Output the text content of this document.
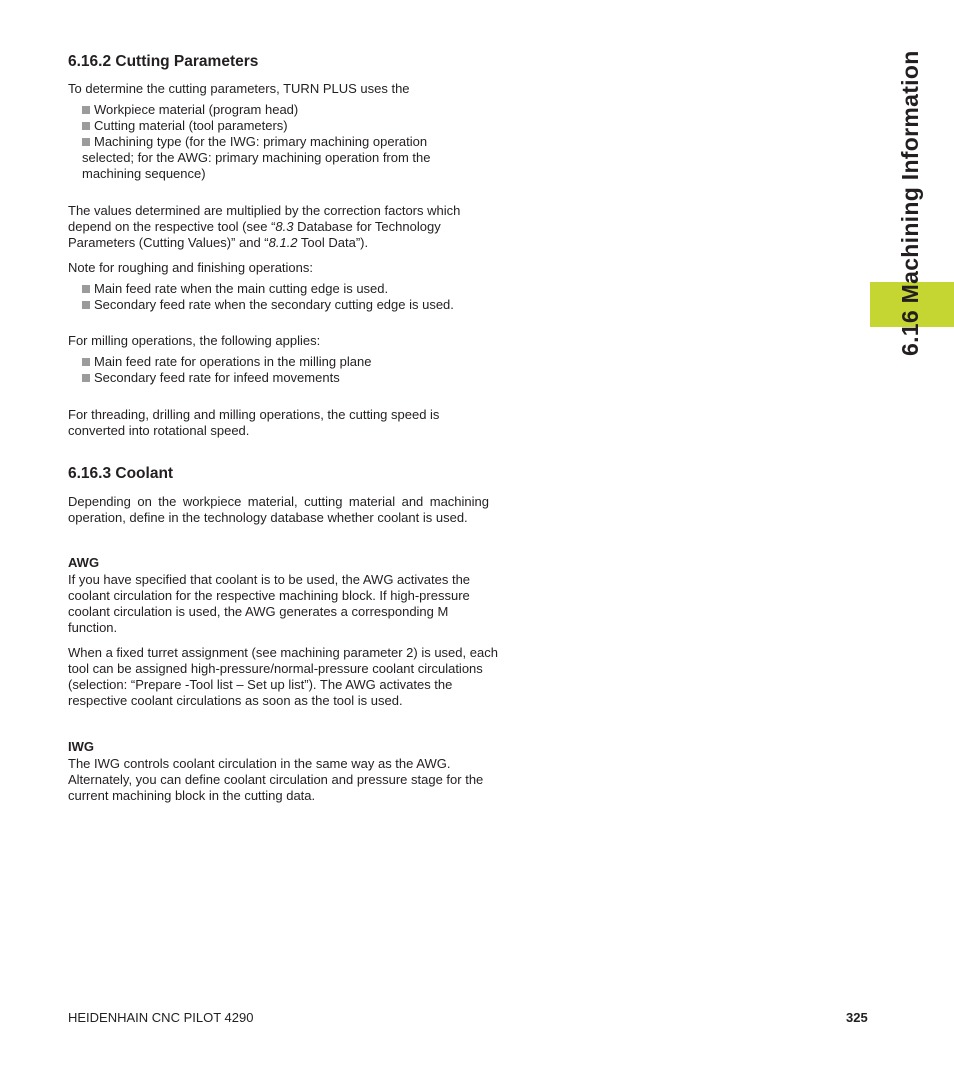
6.16 Machining Information
6.16.2 Cutting Parameters

To determine the cutting parameters, TURN PLUS uses the

Workpiece material (program head)

Cutting material (tool parameters)

Machining type (for the IWG: primary machining operation selected; for the AWG: primary machining operation from the machining sequence)

The values determined are multiplied by the correction factors which depend on the respective tool (see “8.3 Database for Technology Parameters (Cutting Values)” and “8.1.2 Tool Data”).

Note for roughing and finishing operations:

Main feed rate when the main cutting edge is used.

Secondary feed rate when the secondary cutting edge is used.

For milling operations, the following applies:

Main feed rate for operations in the milling plane

Secondary feed rate for infeed movements

For threading, drilling and milling operations, the cutting speed is converted into rotational speed.

6.16.3 Coolant

Depending on the workpiece material, cutting material and machining operation, define in the technology database whether coolant is used.

AWG

If you have specified that coolant is to be used, the AWG activates the coolant circulation for the respective machining block. If high-pressure coolant circulation is used, the AWG generates a corresponding M function.

When a fixed turret assignment (see machining parameter 2) is used, each tool can be assigned high-pressure/normal-pressure coolant circulations (selection: “Prepare -Tool list – Set up list”). The AWG activates the respective coolant circulations as soon as the tool is used.

IWG

The IWG controls coolant circulation in the same way as the AWG. Alternately, you can define coolant circulation and pressure stage for the current machining block in the cutting data.

HEIDENHAIN CNC PILOT 4290	325
